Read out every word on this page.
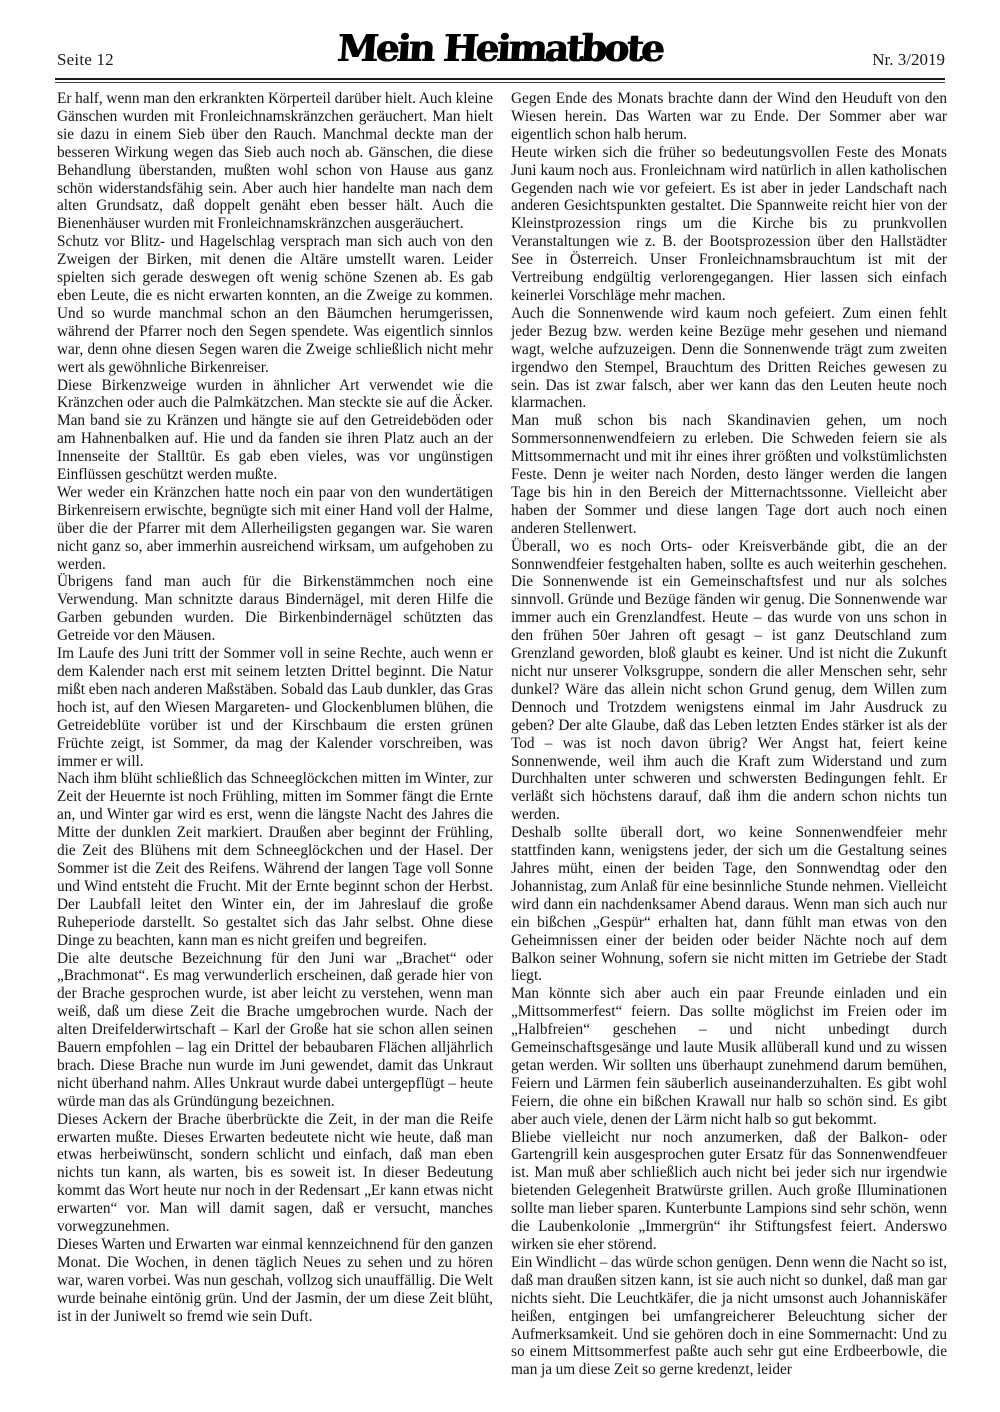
Seite 12	Mein Heimatbote	Nr. 3/2019

Er half, wenn man den erkrankten Körperteil darüber hielt. Auch kleine Gänschen wurden mit Fronleichnamskränzchen geräuchert. Man hielt sie dazu in einem Sieb über den Rauch. Manchmal deckte man der besseren Wirkung wegen das Sieb auch noch ab. Gänschen, die diese Behandlung überstanden, mußten wohl schon von Hause aus ganz schön widerstandsfähig sein. Aber auch hier handelte man nach dem alten Grundsatz, daß doppelt genäht eben besser hält. Auch die Bienenhäuser wurden mit Fronleichnamskränzchen ausgeräuchert.

Schutz vor Blitz- und Hagelschlag versprach man sich auch von den Zweigen der Birken, mit denen die Altäre umstellt waren. Leider spielten sich gerade deswegen oft wenig schöne Szenen ab. Es gab eben Leute, die es nicht erwarten konnten, an die Zweige zu kommen. Und so wurde manchmal schon an den Bäumchen herumgerissen, während der Pfarrer noch den Segen spendete. Was eigentlich sinnlos war, denn ohne diesen Segen waren die Zweige schließlich nicht mehr wert als gewöhnliche Birkenreiser.

Diese Birkenzweige wurden in ähnlicher Art verwendet wie die Kränzchen oder auch die Palmkätzchen. Man steckte sie auf die Äcker. Man band sie zu Kränzen und hängte sie auf den Getreideböden oder am Hahnenbalken auf. Hie und da fanden sie ihren Platz auch an der Innenseite der Stalltür. Es gab eben vieles, was vor ungünstigen Einflüssen geschützt werden mußte.

Wer weder ein Kränzchen hatte noch ein paar von den wundertätigen Birkenreisern erwischte, begnügte sich mit einer Hand voll der Halme, über die der Pfarrer mit dem Allerheiligsten gegangen war. Sie waren nicht ganz so, aber immerhin ausreichend wirksam, um aufgehoben zu werden.

Übrigens fand man auch für die Birkenstämmchen noch eine Verwendung. Man schnitzte daraus Bindernägel, mit deren Hilfe die Garben gebunden wurden. Die Birkenbindernägel schützten das Getreide vor den Mäusen.

Im Laufe des Juni tritt der Sommer voll in seine Rechte, auch wenn er dem Kalender nach erst mit seinem letzten Drittel beginnt. Die Natur mißt eben nach anderen Maßstäben. Sobald das Laub dunkler, das Gras hoch ist, auf den Wiesen Margareten- und Glockenblumen blühen, die Getreideblüte vorüber ist und der Kirschbaum die ersten grünen Früchte zeigt, ist Sommer, da mag der Kalender vorschreiben, was immer er will.

Nach ihm blüht schließlich das Schneeglöckchen mitten im Winter, zur Zeit der Heuernte ist noch Frühling, mitten im Sommer fängt die Ernte an, und Winter gar wird es erst, wenn die längste Nacht des Jahres die Mitte der dunklen Zeit markiert. Draußen aber beginnt der Frühling, die Zeit des Blühens mit dem Schneeglöckchen und der Hasel. Der Sommer ist die Zeit des Reifens. Während der langen Tage voll Sonne und Wind entsteht die Frucht. Mit der Ernte beginnt schon der Herbst. Der Laubfall leitet den Winter ein, der im Jahreslauf die große Ruheperiode darstellt. So gestaltet sich das Jahr selbst. Ohne diese Dinge zu beachten, kann man es nicht greifen und begreifen.

Die alte deutsche Bezeichnung für den Juni war „Brachet“ oder „Brachmonat“. Es mag verwunderlich erscheinen, daß gerade hier von der Brache gesprochen wurde, ist aber leicht zu verstehen, wenn man weiß, daß um diese Zeit die Brache umgebrochen wurde. Nach der alten Dreifelderwirtschaft – Karl der Große hat sie schon allen seinen Bauern empfohlen – lag ein Drittel der bebaubaren Flächen alljährlich brach. Diese Brache nun wurde im Juni gewendet, damit das Unkraut nicht überhand nahm. Alles Unkraut wurde dabei untergepflügt – heute würde man das als Gründüngung bezeichnen.

Dieses Ackern der Brache überbrückte die Zeit, in der man die Reife erwarten mußte. Dieses Erwarten bedeutete nicht wie heute, daß man etwas herbeiwünscht, sondern schlicht und einfach, daß man eben nichts tun kann, als warten, bis es soweit ist. In dieser Bedeutung kommt das Wort heute nur noch in der Redensart „Er kann etwas nicht erwarten“ vor. Man will damit sagen, daß er versucht, manches vorwegzunehmen.

Dieses Warten und Erwarten war einmal kennzeichnend für den ganzen Monat. Die Wochen, in denen täglich Neues zu sehen und zu hören war, waren vorbei. Was nun geschah, vollzog sich unauffällig. Die Welt wurde beinahe eintönig grün. Und der Jasmin, der um diese Zeit blüht, ist in der Juniwelt so fremd wie sein Duft.

Gegen Ende des Monats brachte dann der Wind den Heuduft von den Wiesen herein. Das Warten war zu Ende. Der Sommer aber war eigentlich schon halb herum.

Heute wirken sich die früher so bedeutungsvollen Feste des Monats Juni kaum noch aus. Fronleichnam wird natürlich in allen katholischen Gegenden nach wie vor gefeiert. Es ist aber in jeder Landschaft nach anderen Gesichtspunkten gestaltet. Die Spannweite reicht hier von der Kleinstprozession rings um die Kirche bis zu prunkvollen Veranstaltungen wie z. B. der Bootsprozession über den Hallstädter See in Österreich. Unser Fronleichnamsbrauchtum ist mit der Vertreibung endgültig verlorengegangen. Hier lassen sich einfach keinerlei Vorschläge mehr machen.

Auch die Sonnenwende wird kaum noch gefeiert. Zum einen fehlt jeder Bezug bzw. werden keine Bezüge mehr gesehen und niemand wagt, welche aufzuzeigen. Denn die Sonnenwende trägt zum zweiten irgendwo den Stempel, Brauchtum des Dritten Reiches gewesen zu sein. Das ist zwar falsch, aber wer kann das den Leuten heute noch klarmachen.

Man muß schon bis nach Skandinavien gehen, um noch Sommersonnenwendfeiern zu erleben. Die Schweden feiern sie als Mittsommernacht und mit ihr eines ihrer größten und volkstümlichsten Feste. Denn je weiter nach Norden, desto länger werden die langen Tage bis hin in den Bereich der Mitternachtssonne. Vielleicht aber haben der Sommer und diese langen Tage dort auch noch einen anderen Stellenwert.

Überall, wo es noch Orts- oder Kreisverbände gibt, die an der Sonnwendfeier festgehalten haben, sollte es auch weiterhin geschehen. Die Sonnenwende ist ein Gemeinschaftsfest und nur als solches sinnvoll. Gründe und Bezüge fänden wir genug. Die Sonnenwende war immer auch ein Grenzlandfest. Heute – das wurde von uns schon in den frühen 50er Jahren oft gesagt – ist ganz Deutschland zum Grenzland geworden, bloß glaubt es keiner. Und ist nicht die Zukunft nicht nur unserer Volksgruppe, sondern die aller Menschen sehr, sehr dunkel? Wäre das allein nicht schon Grund genug, dem Willen zum Dennoch und Trotzdem wenigstens einmal im Jahr Ausdruck zu geben? Der alte Glaube, daß das Leben letzten Endes stärker ist als der Tod – was ist noch davon übrig? Wer Angst hat, feiert keine Sonnenwende, weil ihm auch die Kraft zum Widerstand und zum Durchhalten unter schweren und schwersten Bedingungen fehlt. Er verläßt sich höchstens darauf, daß ihm die andern schon nichts tun werden.

Deshalb sollte überall dort, wo keine Sonnenwendfeier mehr stattfinden kann, wenigstens jeder, der sich um die Gestaltung seines Jahres müht, einen der beiden Tage, den Sonnwendtag oder den Johannistag, zum Anlaß für eine besinnliche Stunde nehmen. Vielleicht wird dann ein nachdenksamer Abend daraus. Wenn man sich auch nur ein bißchen „Gespür“ erhalten hat, dann fühlt man etwas von den Geheimnissen einer der beiden oder beider Nächte noch auf dem Balkon seiner Wohnung, sofern sie nicht mitten im Getriebe der Stadt liegt.

Man könnte sich aber auch ein paar Freunde einladen und ein „Mittsommerfest“ feiern. Das sollte möglichst im Freien oder im „Halbfreien“ geschehen – und nicht unbedingt durch Gemeinschaftsgesänge und laute Musik allüberall kund und zu wissen getan werden. Wir sollten uns überhaupt zunehmend darum bemühen, Feiern und Lärmen fein säuberlich auseinanderzuhalten. Es gibt wohl Feiern, die ohne ein bißchen Krawall nur halb so schön sind. Es gibt aber auch viele, denen der Lärm nicht halb so gut bekommt.

Bliebe vielleicht nur noch anzumerken, daß der Balkon- oder Gartengrill kein ausgesprochen guter Ersatz für das Sonnenwendfeuer ist. Man muß aber schließlich auch nicht bei jeder sich nur irgendwie bietenden Gelegenheit Bratwürste grillen. Auch große Illuminationen sollte man lieber sparen. Kunterbunte Lampions sind sehr schön, wenn die Laubenkolonie „Immergrün“ ihr Stiftungsfest feiert. Anderswo wirken sie eher störend.

Ein Windlicht – das würde schon genügen. Denn wenn die Nacht so ist, daß man draußen sitzen kann, ist sie auch nicht so dunkel, daß man gar nichts sieht. Die Leuchtkäfer, die ja nicht umsonst auch Johanniskäfer heißen, entgingen bei umfangreicherer Beleuchtung sicher der Aufmerksamkeit. Und sie gehören doch in eine Sommernacht: Und zu so einem Mittsommerfest paßte auch sehr gut eine Erdbeerbowle, die man ja um diese Zeit so gerne kredenzt, leider
